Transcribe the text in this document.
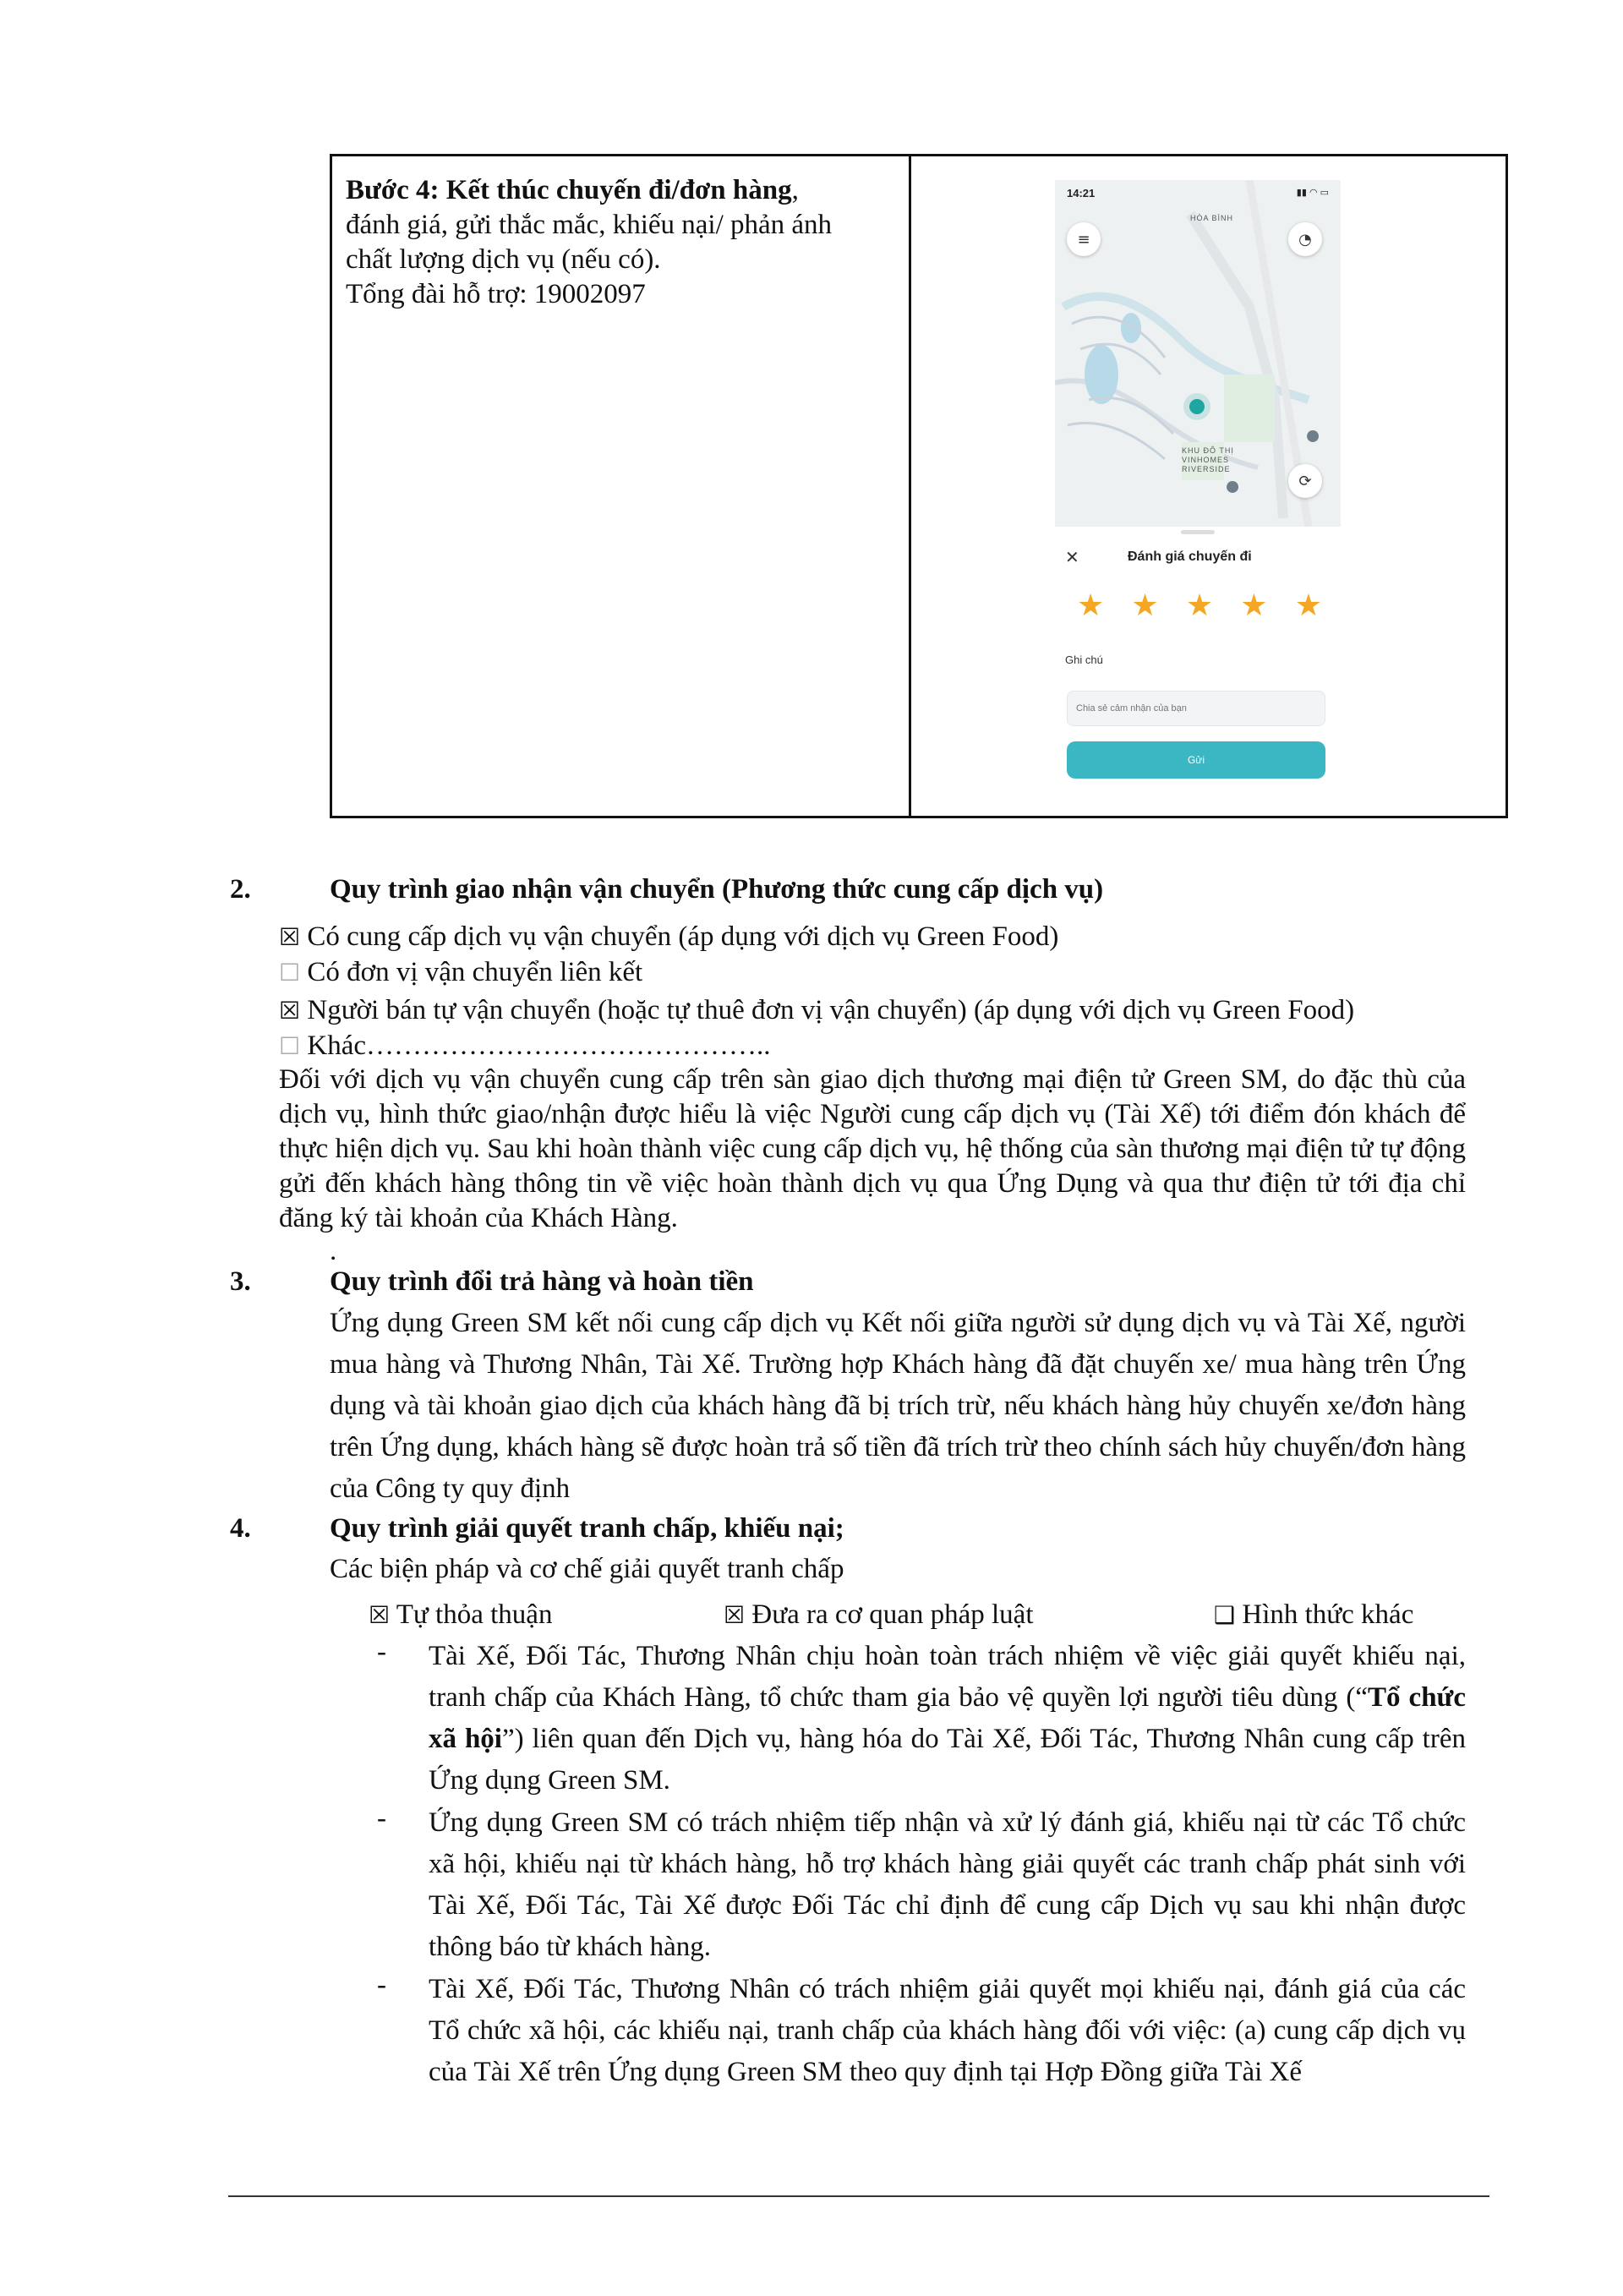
Bước 4: Kết thúc chuyến đi/đơn hàng,

đánh giá, gửi thắc mắc, khiếu nại/ phản ánh

chất lượng dịch vụ (nếu có).

Tổng đài hỗ trợ: 19002097

14:21	▮▮ ◠ ▭
HÒA BÌNH
KHU ĐÔ THỊ VINHOMES RIVERSIDE
≡	◔
⟳
✕	Đánh giá chuyến đi
★ ★ ★ ★ ★
Ghi chú
Chia sẻ cảm nhận của bạn
Gửi
2.	Quy trình giao nhận vận chuyển (Phương thức cung cấp dịch vụ)
☒ Có cung cấp dịch vụ vận chuyển (áp dụng với dịch vụ Green Food)
☐ Có đơn vị vận chuyển liên kết
☒ Người bán tự vận chuyển (hoặc tự thuê đơn vị vận chuyển) (áp dụng với dịch vụ Green Food)
☐ Khác……………………………………..
Đối với dịch vụ vận chuyển cung cấp trên sàn giao dịch thương mại điện tử Green SM, do đặc thù của dịch vụ, hình thức giao/nhận được hiểu là việc Người cung cấp dịch vụ (Tài Xế) tới điểm đón khách để thực hiện dịch vụ. Sau khi hoàn thành việc cung cấp dịch vụ, hệ thống của sàn thương mại điện tử tự động gửi đến khách hàng thông tin về việc hoàn thành dịch vụ qua Ứng Dụng và qua thư điện tử tới địa chỉ đăng ký tài khoản của Khách Hàng.
.
3.	Quy trình đổi trả hàng và hoàn tiền
Ứng dụng Green SM kết nối cung cấp dịch vụ Kết nối giữa người sử dụng dịch vụ và Tài Xế, người mua hàng và Thương Nhân, Tài Xế. Trường hợp Khách hàng đã đặt chuyến xe/ mua hàng trên Ứng dụng và tài khoản giao dịch của khách hàng đã bị trích trừ, nếu khách hàng hủy chuyến xe/đơn hàng trên Ứng dụng, khách hàng sẽ được hoàn trả số tiền đã trích trừ theo chính sách hủy chuyến/đơn hàng của Công ty quy định
4.	Quy trình giải quyết tranh chấp, khiếu nại;
Các biện pháp và cơ chế giải quyết tranh chấp
☒ Tự thỏa thuận	☒ Đưa ra cơ quan pháp luật	❑ Hình thức khác
- Tài Xế, Đối Tác, Thương Nhân chịu hoàn toàn trách nhiệm về việc giải quyết khiếu nại, tranh chấp của Khách Hàng, tổ chức tham gia bảo vệ quyền lợi người tiêu dùng (“Tổ chức xã hội”) liên quan đến Dịch vụ, hàng hóa do Tài Xế, Đối Tác, Thương Nhân cung cấp trên Ứng dụng Green SM.
- Ứng dụng Green SM có trách nhiệm tiếp nhận và xử lý đánh giá, khiếu nại từ các Tổ chức xã hội, khiếu nại từ khách hàng, hỗ trợ khách hàng giải quyết các tranh chấp phát sinh với Tài Xế, Đối Tác, Tài Xế được Đối Tác chỉ định để cung cấp Dịch vụ sau khi nhận được thông báo từ khách hàng.
- Tài Xế, Đối Tác, Thương Nhân có trách nhiệm giải quyết mọi khiếu nại, đánh giá của các Tổ chức xã hội, các khiếu nại, tranh chấp của khách hàng đối với việc: (a) cung cấp dịch vụ của Tài Xế trên Ứng dụng Green SM theo quy định tại Hợp Đồng giữa Tài Xế
